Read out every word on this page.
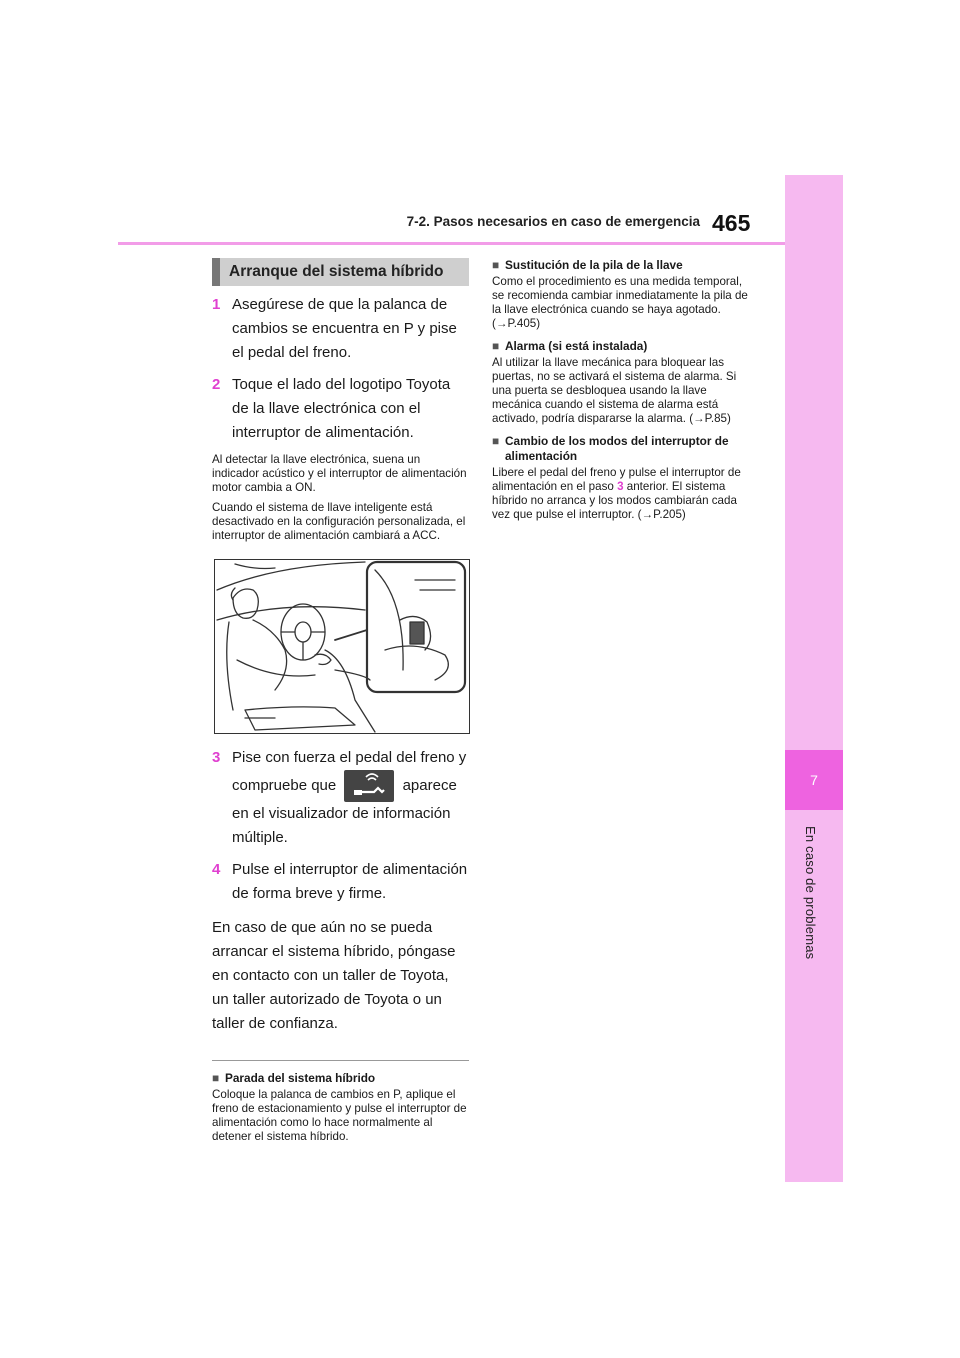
7
En caso de problemas
7-2. Pasos necesarios en caso de emergencia 465
Arranque del sistema híbrido
1 Asegúrese de que la palanca de cambios se encuentra en P y pise el pedal del freno.
2 Toque el lado del logotipo Toyota de la llave electrónica con el interruptor de alimentación.

Al detectar la llave electrónica, suena un indicador acústico y el interruptor de alimentación motor cambia a ON.

Cuando el sistema de llave inteligente está desactivado en la configuración personalizada, el interruptor de alimentación cambiará a ACC.

3 Pise con fuerza el pedal del freno y compruebe que	aparece en el visualizador de información múltiple.
4 Pulse el interruptor de alimentación de forma breve y firme.

En caso de que aún no se pueda arrancar el sistema híbrido, póngase en contacto con un taller de Toyota, un taller autorizado de Toyota o un taller de confianza.

■ Parada del sistema híbrido

Coloque la palanca de cambios en P, aplique el freno de estacionamiento y pulse el interruptor de alimentación como lo hace normalmente al detener el sistema híbrido.

■ Sustitución de la pila de la llave

Como el procedimiento es una medida temporal, se recomienda cambiar inmediatamente la pila de la llave electrónica cuando se haya agotado. (→P.405)

■ Alarma (si está instalada)

Al utilizar la llave mecánica para bloquear las puertas, no se activará el sistema de alarma. Si una puerta se desbloquea usando la llave mecánica cuando el sistema de alarma está activado, podría dispararse la alarma. (→P.85)

■ Cambio de los modos del interruptor de alimentación

Libere el pedal del freno y pulse el interruptor de alimentación en el paso 3 anterior. El sistema híbrido no arranca y los modos cambiarán cada vez que pulse el interruptor. (→P.205)
